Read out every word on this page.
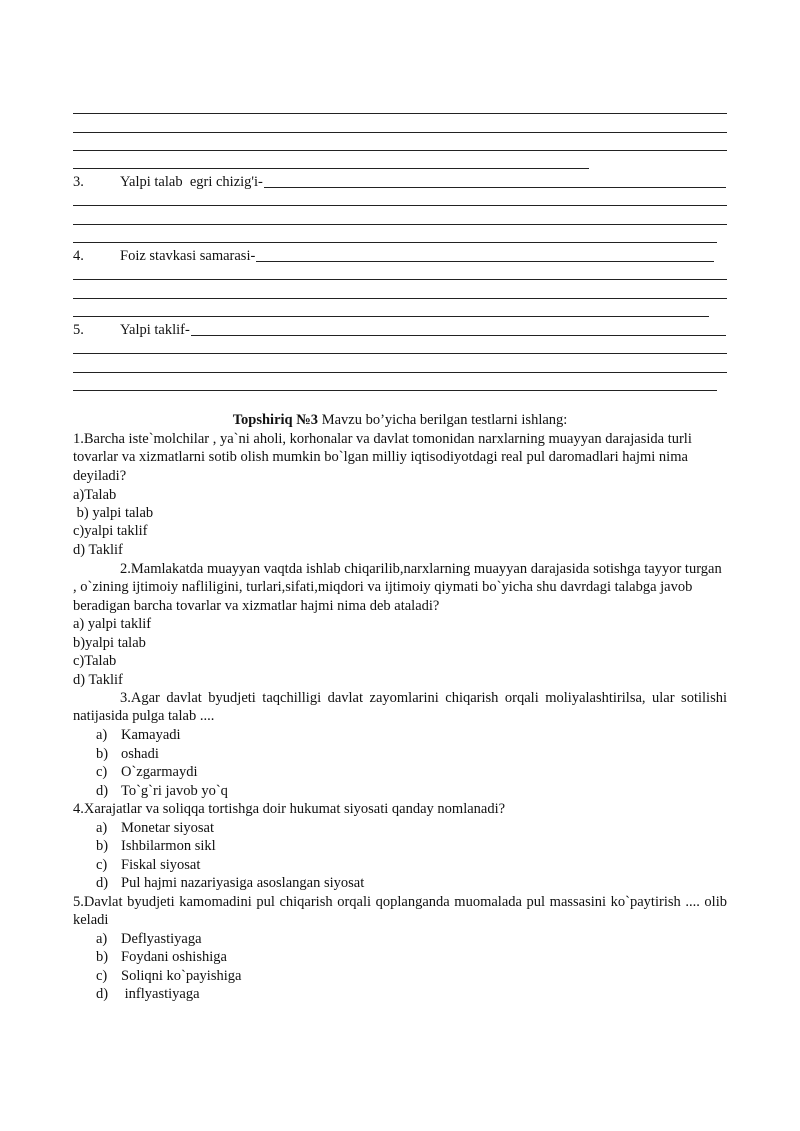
3.	Yalpi talab  egri chizig'i-
4.	Foiz stavkasi samarasi-
5.	Yalpi taklif-
Topshiriq №3 Mavzu bo’yicha berilgan testlarni ishlang:
1.Barcha iste`molchilar , ya`ni aholi, korhonalar va davlat tomonidan narxlarning muayyan darajasida turli tovarlar va xizmatlarni sotib olish mumkin bo`lgan milliy iqtisodiyotdagi real pul daromadlari hajmi nima deyiladi?
a)Talab
b) yalpi talab
c)yalpi taklif
d) Taklif
2.Mamlakatda muayyan vaqtda ishlab chiqarilib,narxlarning muayyan darajasida sotishga tayyor turgan , o`zining ijtimoiy nafliligini, turlari,sifati,miqdori va ijtimoiy qiymati bo`yicha shu davrdagi talabga javob beradigan barcha tovarlar va xizmatlar hajmi nima deb ataladi?
a) yalpi taklif
b)yalpi talab
c)Talab
d) Taklif
3.Agar davlat byudjeti taqchilligi davlat zayomlarini chiqarish orqali moliyalashtirilsa, ular sotilishi natijasida pulga talab ....
a) Kamayadi
b) oshadi
c) O`zgarmaydi
d) To`g`ri javob yo`q
4.Xarajatlar va soliqqa tortishga doir hukumat siyosati qanday nomlanadi?
a) Monetar siyosat
b) Ishbilarmon sikl
c) Fiskal siyosat
d) Pul hajmi nazariyasiga asoslangan siyosat
5.Davlat byudjeti kamomadini pul chiqarish orqali qoplanganda muomalada pul massasini ko`paytirish .... olib keladi
a) Deflyastiyaga
b) Foydani oshishiga
c) Soliqni ko`payishiga
d) inflyastiyaga
